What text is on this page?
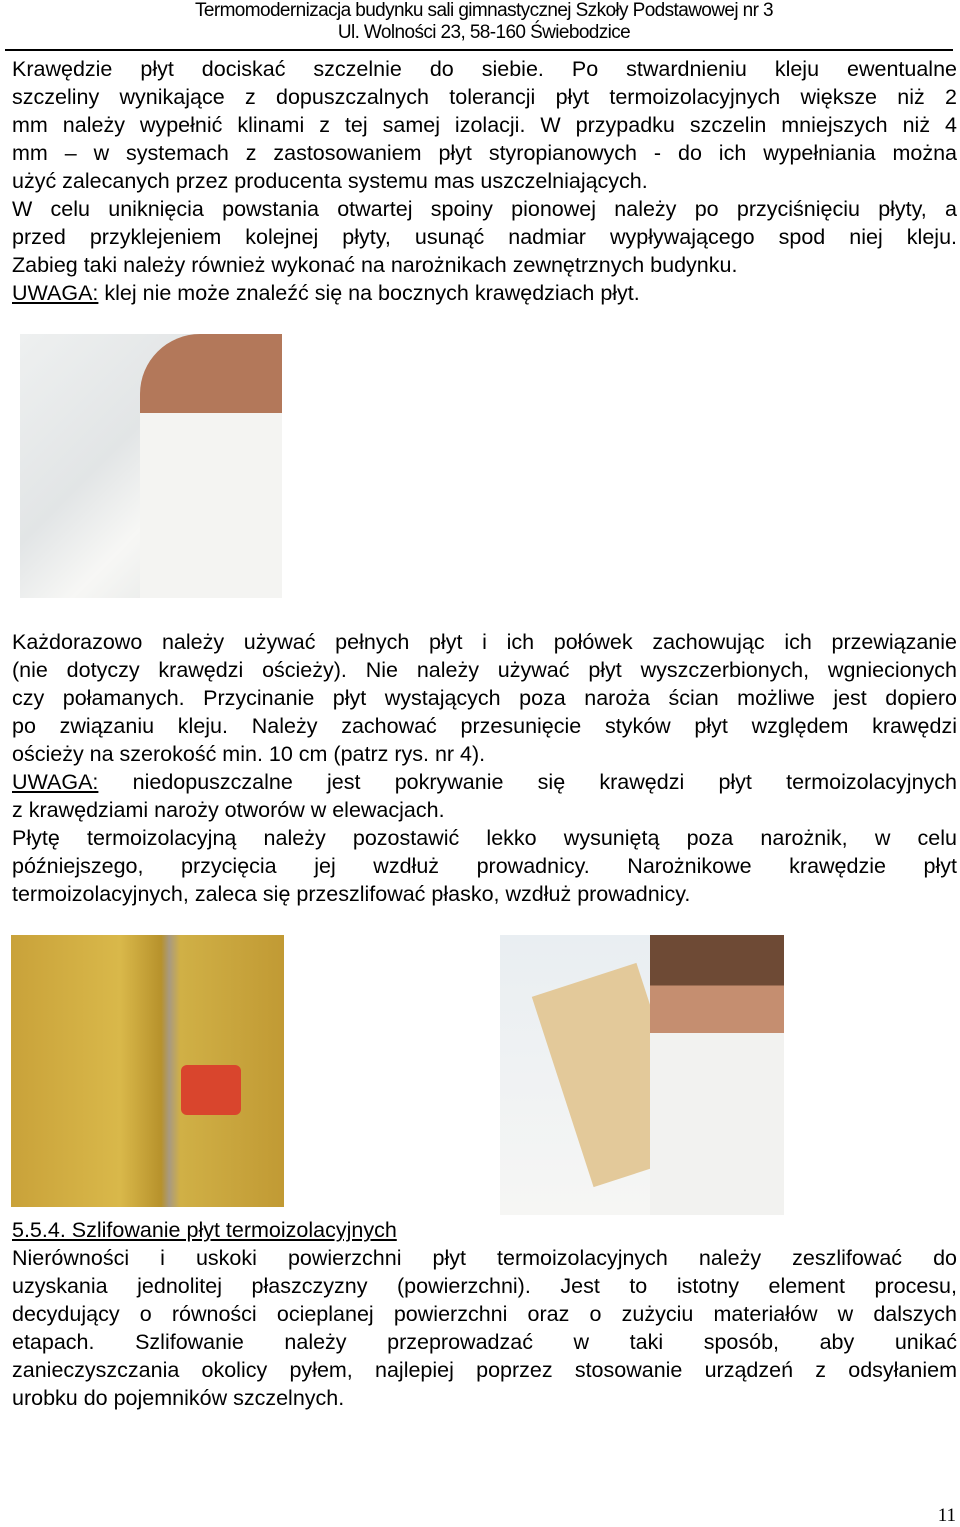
Termomodernizacja budynku sali gimnastycznej Szkoły Podstawowej nr 3
Ul. Wolności 23, 58-160 Świebodzice
Krawędzie płyt dociskać szczelnie do siebie. Po stwardnieniu kleju ewentualne
szczeliny wynikające z dopuszczalnych tolerancji płyt termoizolacyjnych większe niż 2
mm należy wypełnić klinami z tej samej izolacji. W przypadku szczelin mniejszych niż 4
mm – w systemach z zastosowaniem płyt styropianowych - do ich wypełniania można
użyć zalecanych przez producenta systemu mas uszczelniających.
W celu uniknięcia powstania otwartej spoiny pionowej należy po przyciśnięciu płyty, a
przed przyklejeniem kolejnej płyty, usunąć nadmiar wypływającego spod niej kleju.
Zabieg taki należy również wykonać na narożnikach zewnętrznych budynku.
UWAGA: klej nie może znaleźć się na bocznych krawędziach płyt.
Każdorazowo należy używać pełnych płyt i ich połówek zachowując ich przewiązanie
(nie dotyczy krawędzi ościeży). Nie należy używać płyt wyszczerbionych, wgniecionych
czy połamanych. Przycinanie płyt wystających poza naroża ścian możliwe jest dopiero
po związaniu kleju. Należy zachować przesunięcie styków płyt względem krawędzi
ościeży na szerokość min. 10 cm (patrz rys. nr 4).
UWAGA: niedopuszczalne jest pokrywanie się krawędzi płyt termoizolacyjnych
z krawędziami naroży otworów w elewacjach.
Płytę termoizolacyjną należy pozostawić lekko wysuniętą poza narożnik, w celu
późniejszego, przycięcia jej wzdłuż prowadnicy. Narożnikowe krawędzie płyt
termoizolacyjnych, zaleca się przeszlifować płasko, wzdłuż prowadnicy.
5.5.4. Szlifowanie płyt termoizolacyjnych
Nierówności i uskoki powierzchni płyt termoizolacyjnych należy zeszlifować do
uzyskania jednolitej płaszczyzny (powierzchni). Jest to istotny element procesu,
decydujący o równości ocieplanej powierzchni oraz o zużyciu materiałów w dalszych
etapach. Szlifowanie należy przeprowadzać w taki sposób, aby unikać
zanieczyszczania okolicy pyłem, najlepiej poprzez stosowanie urządzeń z odsyłaniem
urobku do pojemników szczelnych.
11
